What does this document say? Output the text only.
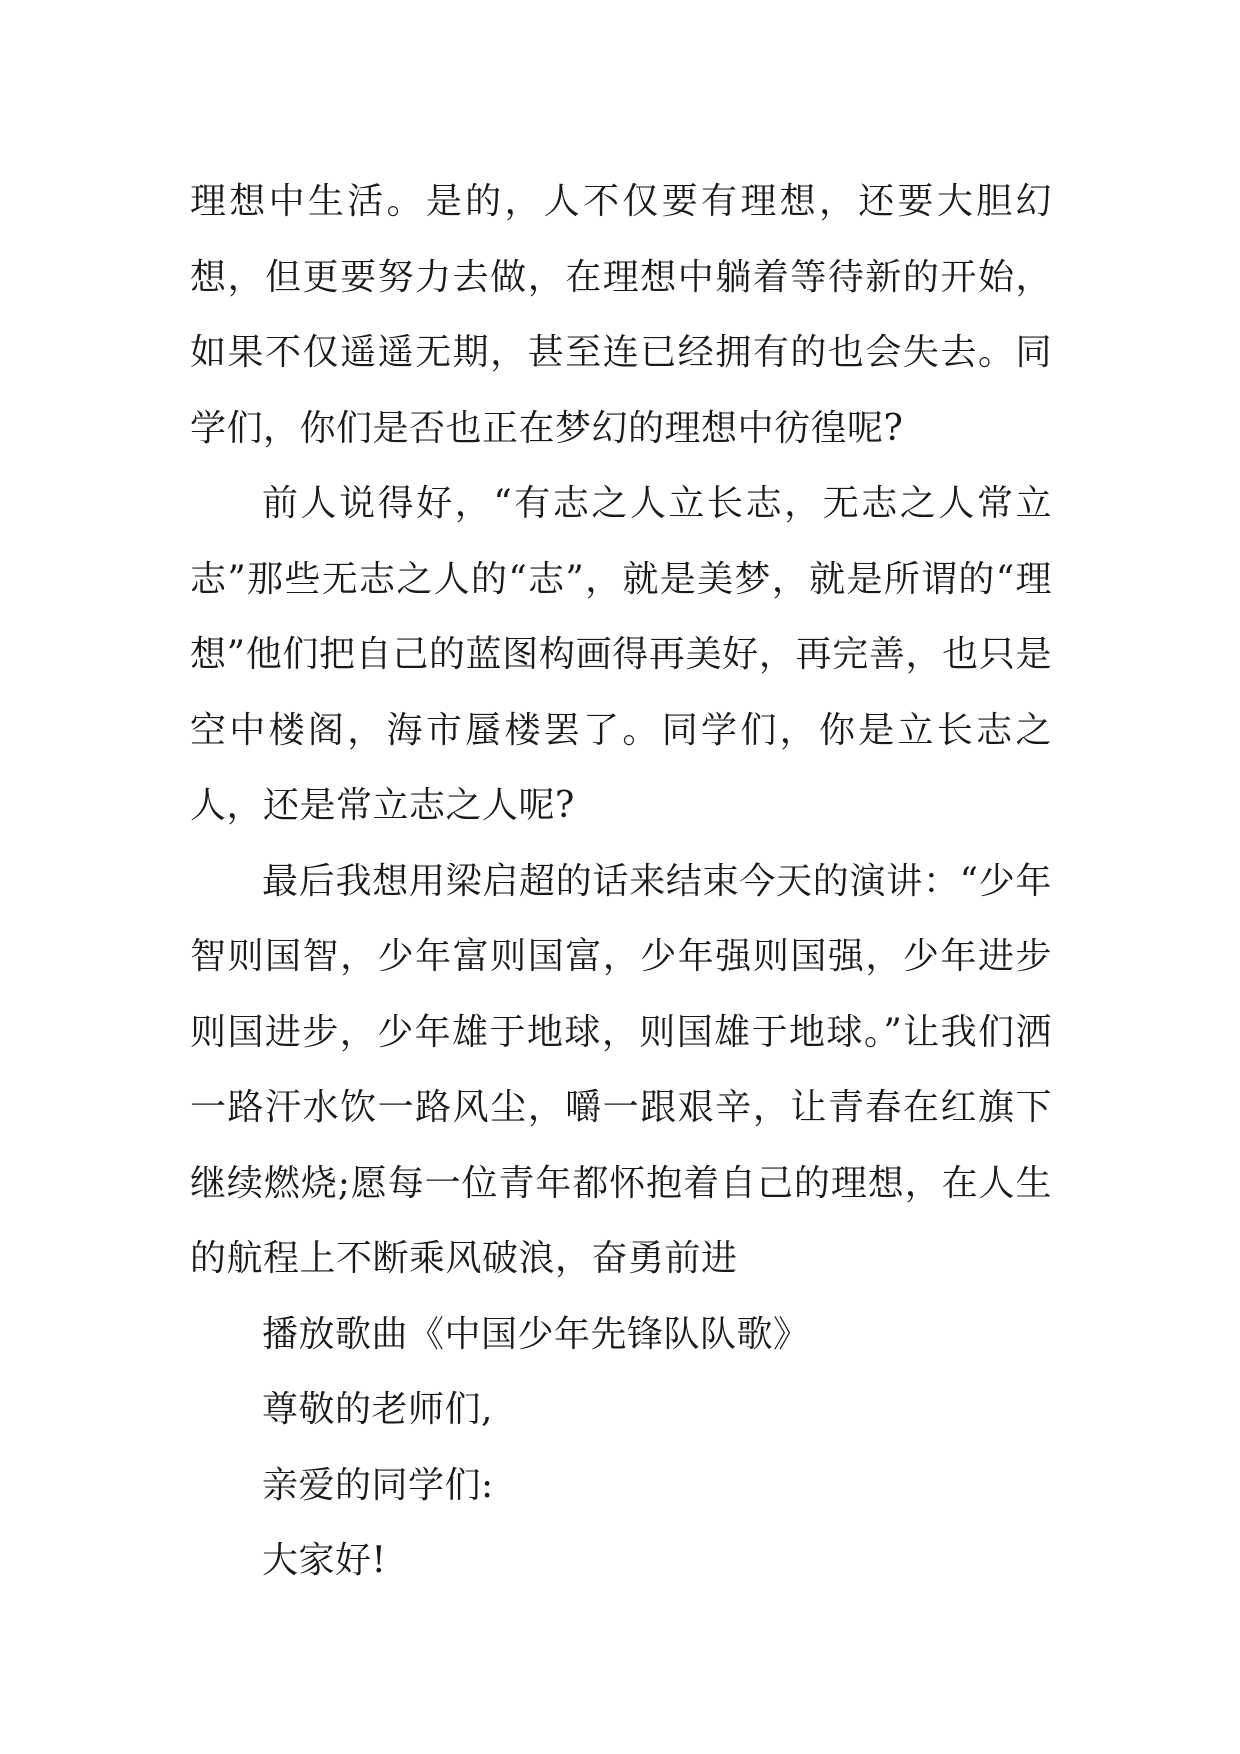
理想中生活。是的，人不仅要有理想，还要大胆幻想，但更要努力去做，在理想中躺着等待新的开始，如果不仅遥遥无期，甚至连已经拥有的也会失去。同学们，你们是否也正在梦幻的理想中彷徨呢?

前人说得好，“有志之人立长志，无志之人常立志”那些无志之人的“志”，就是美梦，就是所谓的“理想”他们把自己的蓝图构画得再美好，再完善，也只是空中楼阁，海市蜃楼罢了。同学们，你是立长志之人，还是常立志之人呢?

最后我想用梁启超的话来结束今天的演讲：“少年智则国智，少年富则国富，少年强则国强，少年进步则国进步，少年雄于地球，则国雄于地球。”让我们洒一路汗水饮一路风尘，嚼一跟艰辛，让青春在红旗下继续燃烧;愿每一位青年都怀抱着自己的理想，在人生的航程上不断乘风破浪，奋勇前进

播放歌曲《中国少年先锋队队歌》

尊敬的老师们,

亲爱的同学们:

大家好!
